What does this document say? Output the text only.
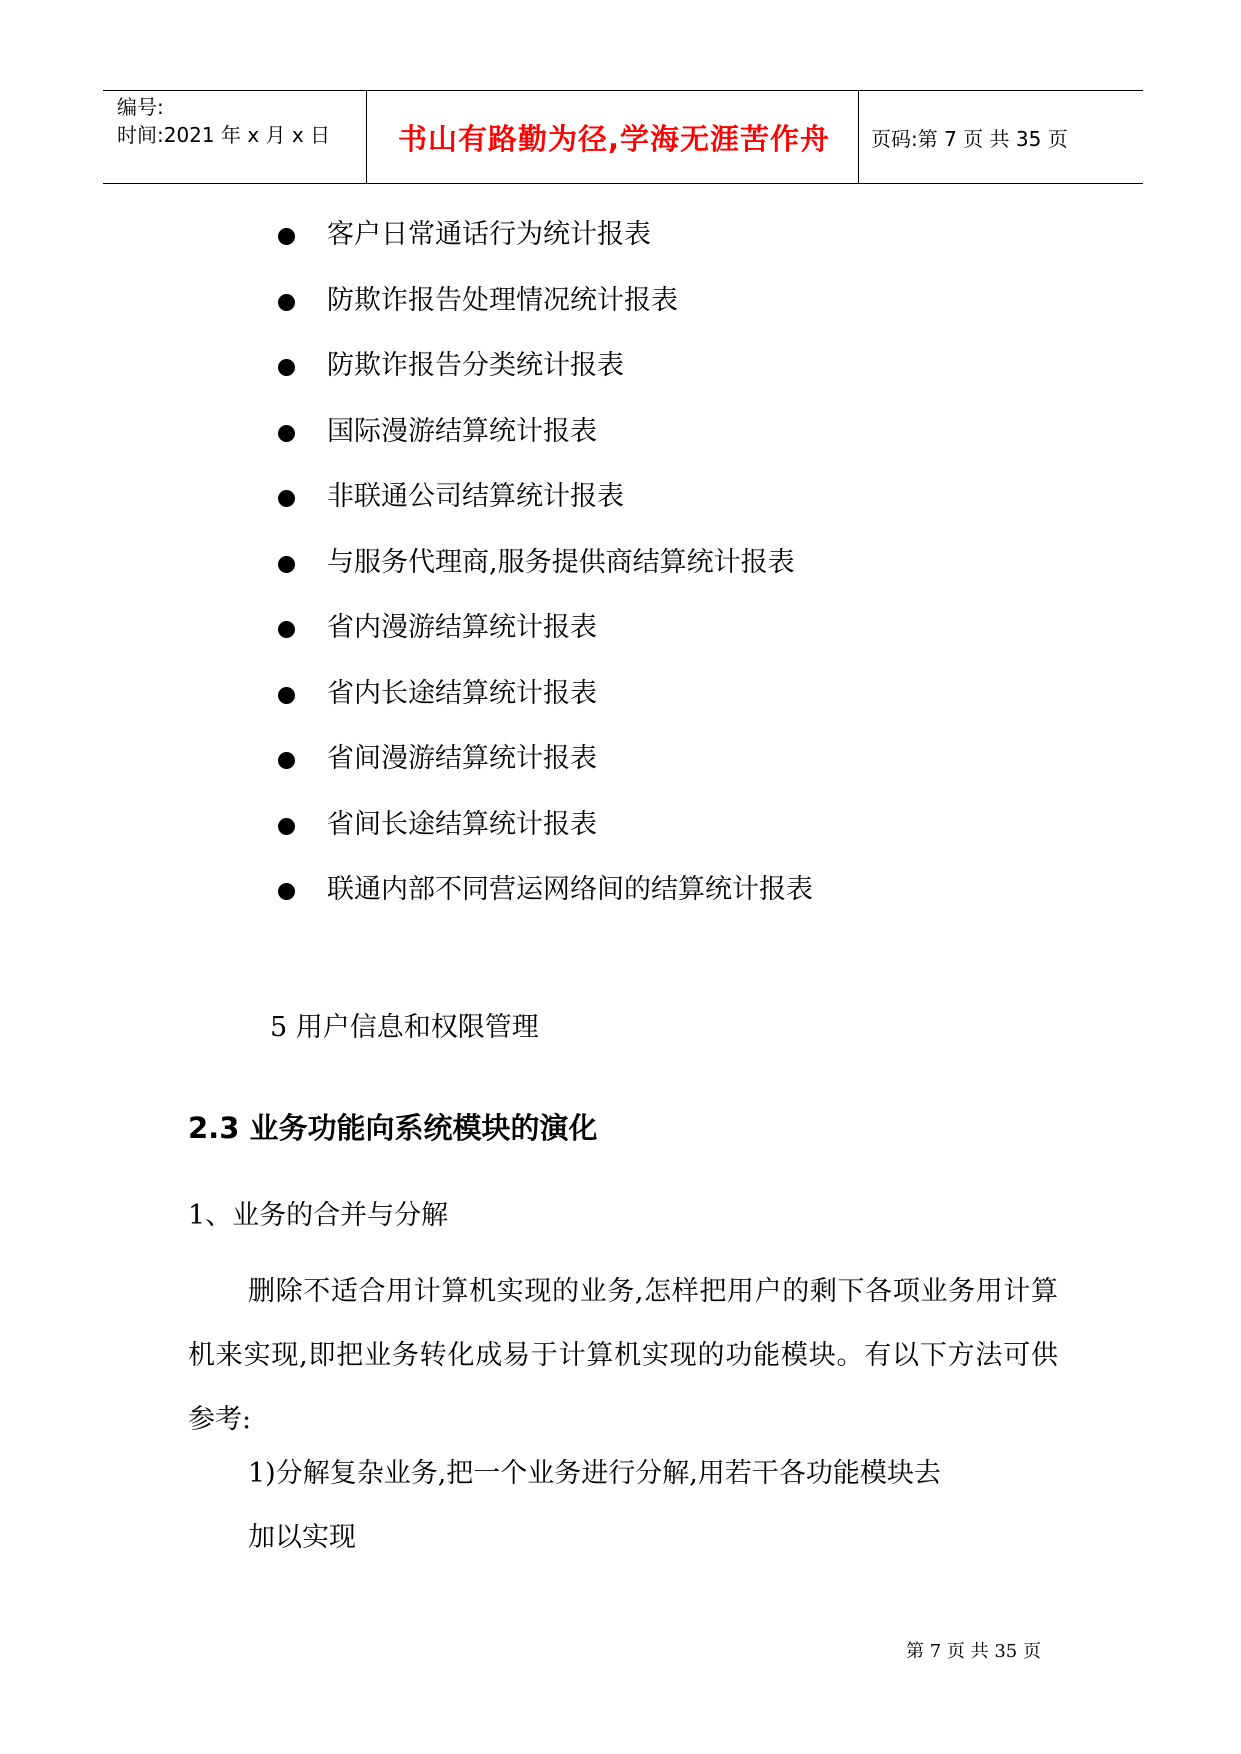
编号:
时间:2021 年 x 月 x 日	书山有路勤为径,学海无涯苦作舟	页码:第 7 页 共 35 页
客户日常通话行为统计报表
防欺诈报告处理情况统计报表
防欺诈报告分类统计报表
国际漫游结算统计报表
非联通公司结算统计报表
与服务代理商,服务提供商结算统计报表
省内漫游结算统计报表
省内长途结算统计报表
省间漫游结算统计报表
省间长途结算统计报表
联通内部不同营运网络间的结算统计报表
5 用户信息和权限管理
2.3 业务功能向系统模块的演化
1、业务的合并与分解
删除不适合用计算机实现的业务,怎样把用户的剩下各项业务用计算机来实现,即把业务转化成易于计算机实现的功能模块。有以下方法可供参考:
1)分解复杂业务,把一个业务进行分解,用若干各功能模块去
加以实现
第 7 页 共 35 页
